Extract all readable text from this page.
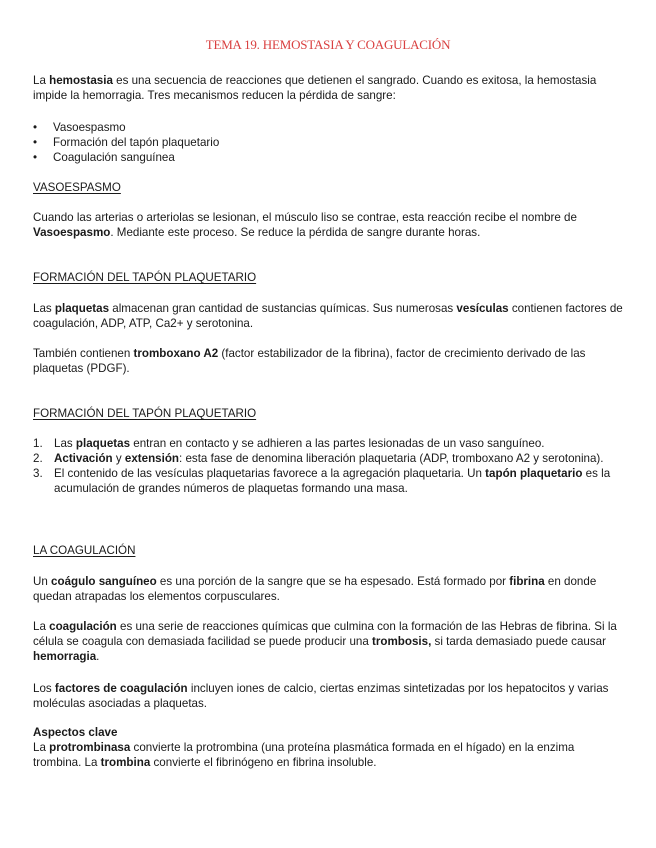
TEMA 19. HEMOSTASIA Y COAGULACIÓN

La hemostasia es una secuencia de reacciones que detienen el sangrado. Cuando es exitosa, la hemostasia impide la hemorragia. Tres mecanismos reducen la pérdida de sangre:

• Vasoespasmo
• Formación del tapón plaquetario
• Coagulación sanguínea

VASOESPASMO

Cuando las arterias o arteriolas se lesionan, el músculo liso se contrae, esta reacción recibe el nombre de Vasoespasmo. Mediante este proceso. Se reduce la pérdida de sangre durante horas.

FORMACIÓN DEL TAPÓN PLAQUETARIO

Las plaquetas almacenan gran cantidad de sustancias químicas. Sus numerosas vesículas contienen factores de coagulación, ADP, ATP, Ca2+ y serotonina.

También contienen tromboxano A2 (factor estabilizador de la fibrina), factor de crecimiento derivado de las plaquetas (PDGF).

FORMACIÓN DEL TAPÓN PLAQUETARIO

1. Las plaquetas entran en contacto y se adhieren a las partes lesionadas de un vaso sanguíneo.
2. Activación y extensión: esta fase de denomina liberación plaquetaria (ADP, tromboxano A2 y serotonina).
3. El contenido de las vesículas plaquetarias favorece a la agregación plaquetaria. Un tapón plaquetario es la acumulación de grandes números de plaquetas formando una masa.

LA COAGULACIÓN

Un coágulo sanguíneo es una porción de la sangre que se ha espesado. Está formado por fibrina en donde quedan atrapadas los elementos corpusculares.

La coagulación es una serie de reacciones químicas que culmina con la formación de las Hebras de fibrina. Si la célula se coagula con demasiada facilidad se puede producir una trombosis, si tarda demasiado puede causar hemorragia.

Los factores de coagulación incluyen iones de calcio, ciertas enzimas sintetizadas por los hepatocitos y varias moléculas asociadas a plaquetas.

Aspectos clave

La protrombinasa convierte la protrombina (una proteína plasmática formada en el hígado) en la enzima trombina. La trombina convierte el fibrinógeno en fibrina insoluble.
